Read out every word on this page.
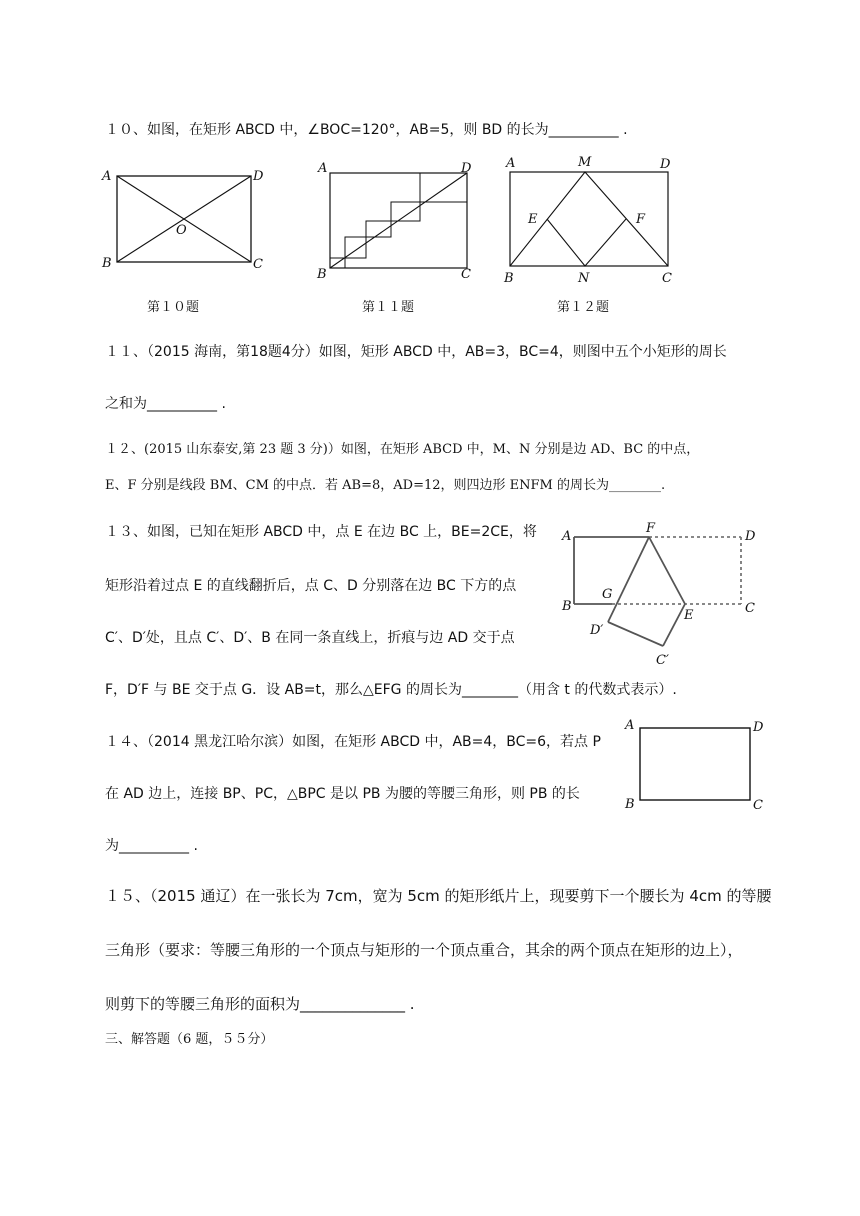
１０、如图，在矩形 ABCD 中，∠BOC=120°，AB=5，则 BD 的长为__________ .
A
B	C
D
O
A
B	C
D	A	M	D
E	F
B	N	C
第１０题	第１１题	第１２题
１１、（2015 海南，第18题4分）如图，矩形 ABCD 中，AB=3，BC=4，则图中五个小矩形的周长
之和为__________ .
１２、(2015 山东泰安,第 23 题 3 分)）如图，在矩形 ABCD 中，M、N 分别是边 AD、BC 的中点，
E、F 分别是线段 BM、CM 的中点．若 AB=8，AD=12，则四边形 ENFM 的周长为________.
１３、如图，已知在矩形 ABCD 中，点 E 在边 BC 上，BE=2CE，将
矩形沿着过点 E 的直线翻折后，点 C、D 分别落在边 BC 下方的点
C′、D′处，且点 C′、D′、B 在同一条直线上，折痕与边 AD 交于点
F，D′F 与 BE 交于点 G．设 AB=t，那么△EFG 的周长为________（用含 t 的代数式表示）.
A
B
F
D
C
G
E
D′
C′
１４、（2014 黑龙江哈尔滨）如图，在矩形 ABCD 中，AB=4，BC=6，若点 P
在 AD 边上，连接 BP、PC，△BPC 是以 PB 为腰的等腰三角形，则 PB 的长
为__________ .
A
B	C
D
１５、（2015 通辽）在一张长为 7cm，宽为 5cm 的矩形纸片上，现要剪下一个腰长为 4cm 的等腰
三角形（要求：等腰三角形的一个顶点与矩形的一个顶点重合，其余的两个顶点在矩形的边上），
则剪下的等腰三角形的面积为______________ .
三、解答题（6 题，５５分）
